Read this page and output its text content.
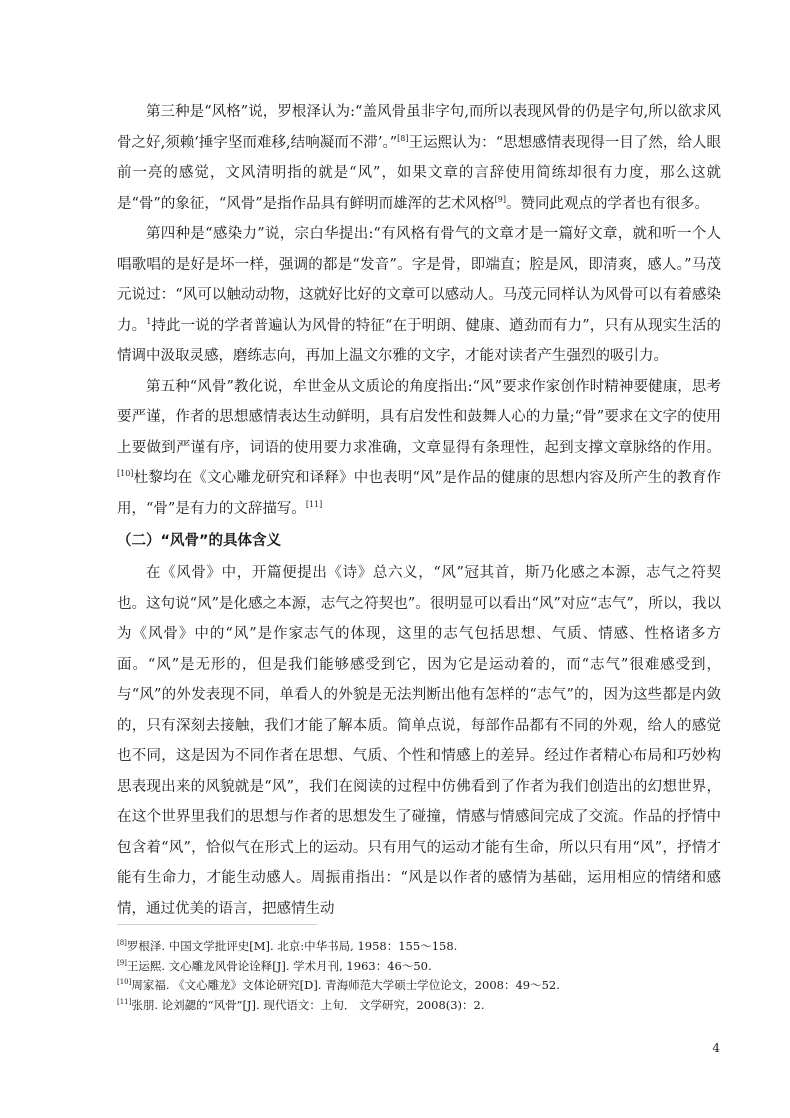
第三种是“风格”说，罗根泽认为:“盖风骨虽非字句,而所以表现风骨的仍是字句,所以欲求风骨之好,须赖‘捶字坚而难移,结响凝而不滞’。”[8]王运熙认为：“思想感情表现得一目了然，给人眼前一亮的感觉，文风清明指的就是“风”，如果文章的言辞使用简练却很有力度，那么这就是“骨”的象征，“风骨”是指作品具有鲜明而雄浑的艺术风格[9]。赞同此观点的学者也有很多。

第四种是“感染力”说，宗白华提出:“有风格有骨气的文章才是一篇好文章，就和听一个人唱歌唱的是好是坏一样，强调的都是“发音”。字是骨，即端直；腔是风，即清爽，感人。”马茂元说过：“风可以触动动物，这就好比好的文章可以感动人。马茂元同样认为风骨可以有着感染力。$^1$持此一说的学者普遍认为风骨的特征“在于明朗、健康、遒劲而有力”，只有从现实生活的情调中汲取灵感，磨练志向，再加上温文尔雅的文字，才能对读者产生强烈的吸引力。

第五种“风骨”教化说，牟世金从文质论的角度指出:“风”要求作家创作时精神要健康，思考要严谨，作者的思想感情表达生动鲜明，具有启发性和鼓舞人心的力量;“骨”要求在文字的使用上要做到严谨有序，词语的使用要力求准确，文章显得有条理性，起到支撑文章脉络的作用。[10]杜黎均在《文心雕龙研究和译释》中也表明“风”是作品的健康的思想内容及所产生的教育作用，“骨”是有力的文辞描写。[11]

（二）“风骨”的具体含义

在《风骨》中，开篇便提出《诗》总六义，“风”冠其首，斯乃化感之本源，志气之符契也。这句说“风”是化感之本源，志气之符契也”。很明显可以看出“风”对应“志气”，所以，我以为《风骨》中的“风”是作家志气的体现，这里的志气包括思想、气质、情感、性格诸多方面。“风”是无形的，但是我们能够感受到它，因为它是运动着的，而“志气”很难感受到，与“风”的外发表现不同，单看人的外貌是无法判断出他有怎样的“志气”的，因为这些都是内敛的，只有深刻去接触，我们才能了解本质。简单点说，每部作品都有不同的外观，给人的感觉也不同，这是因为不同作者在思想、气质、个性和情感上的差异。经过作者精心布局和巧妙构思表现出来的风貌就是“风”，我们在阅读的过程中仿佛看到了作者为我们创造出的幻想世界，在这个世界里我们的思想与作者的思想发生了碰撞，情感与情感间完成了交流。作品的抒情中包含着“风”，恰似气在形式上的运动。只有用气的运动才能有生命，所以只有用“风”，抒情才能有生命力，才能生动感人。周振甫指出：“风是以作者的感情为基础，运用相应的情绪和感情，通过优美的语言，把感情生动

[8]罗根泽. 中国文学批评史[M]. 北京:中华书局, 1958：155～158.
[9]王运熙. 文心雕龙风骨论诠释[J]. 学术月刊, 1963：46～50.
[10]周家福. 《文心雕龙》文体论研究[D]. 青海师范大学硕士学位论文，2008：49～52.
[11]张朋. 论刘勰的“风骨”[J]. 现代语文：上旬． 文学研究，2008(3)：2.
4
